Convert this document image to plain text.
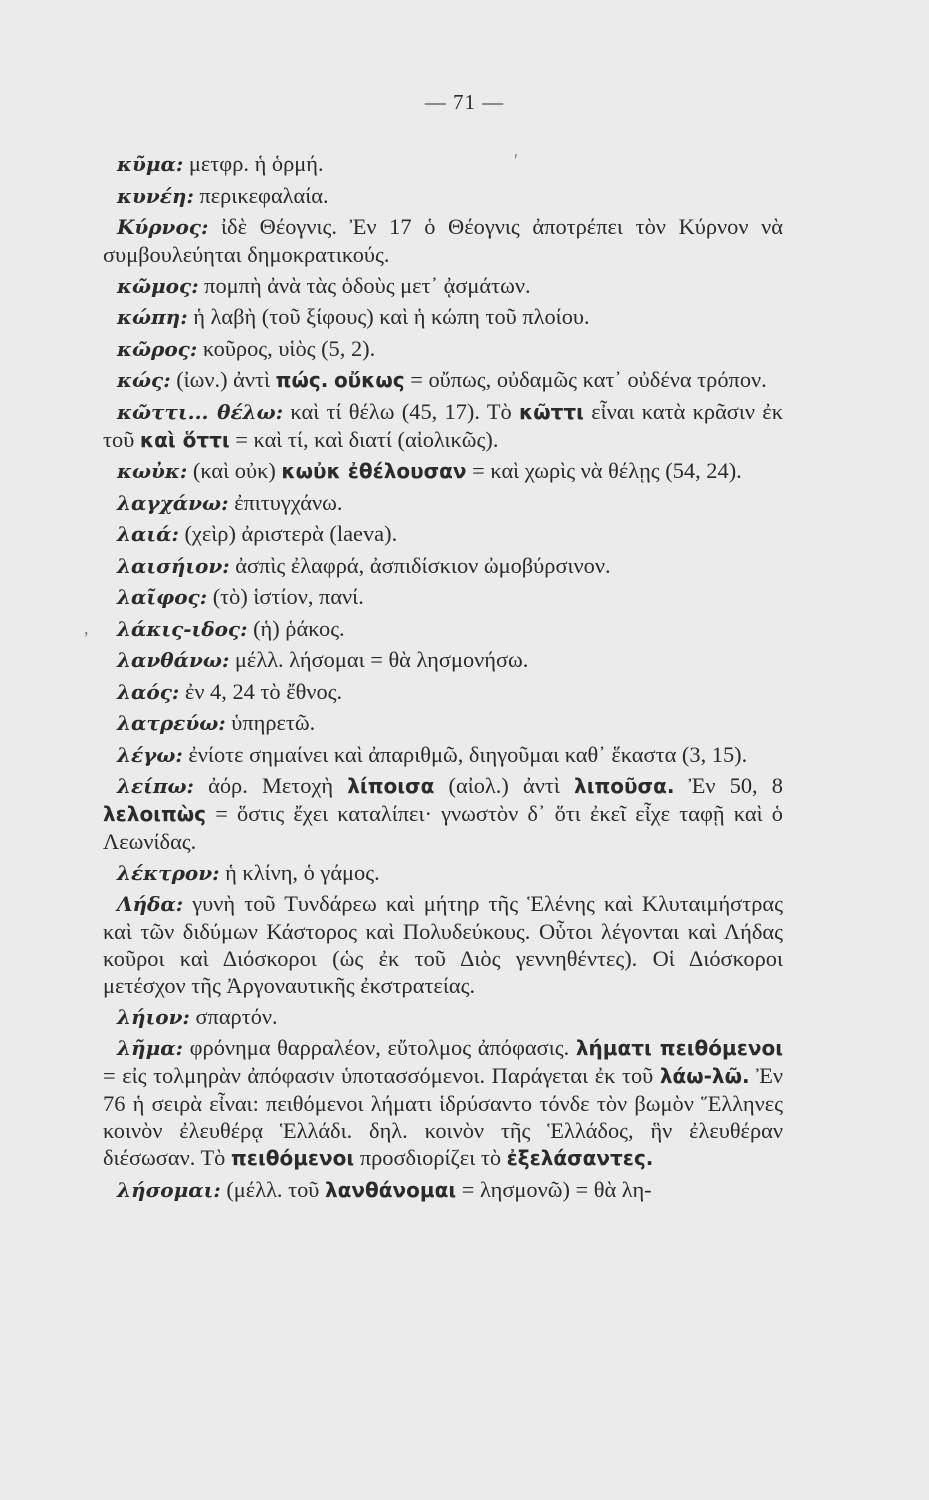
— 71 —
ʹ
,

κῦμα: μετφρ. ἡ ὁρμή.

κυνέη: περικεφαλαία.

Κύρνος: ἰδὲ Θέογνις. Ἐν 17 ὁ Θέογνις ἀποτρέπει τὸν Κύρνον νὰ συμβουλεύηται δημοκρατικούς.

κῶμος: πομπὴ ἀνὰ τὰς ὁδοὺς μετ᾽ ᾀσμάτων.

κώπη: ἡ λαβὴ (τοῦ ξίφους) καὶ ἡ κώπη τοῦ πλοίου.

κῶρος: κοῦρος, υἱὸς (5, 2).

κώς: (ἰων.) ἀντὶ πώς. οὔκως = οὔπως, οὐδαμῶς κατ᾽ οὐδένα τρόπον.

κῶττι... θέλω: καὶ τί θέλω (45, 17). Τὸ κῶττι εἶναι κατὰ κρᾶσιν ἐκ τοῦ καὶ ὅττι = καὶ τί, καὶ διατί (αἰολικῶς).

κωὐκ: (καὶ οὐκ) κωὐκ ἐθέλουσαν = καὶ χωρὶς νὰ θέλῃς (54, 24).

λαγχάνω: ἐπιτυγχάνω.

λαιά: (χεὶρ) ἀριστερὰ (laeva).

λαισήιον: ἀσπὶς ἐλαφρά, ἀσπιδίσκιον ὠμοβύρσινον.

λαῖφος: (τὸ) ἱστίον, πανί.

λάκις-ιδος: (ἡ) ῥάκος.

λανθάνω: μέλλ. λήσομαι = θὰ λησμονήσω.

λαός: ἐν 4, 24 τὸ ἔθνος.

λατρεύω: ὑπηρετῶ.

λέγω: ἐνίοτε σημαίνει καὶ ἀπαριθμῶ, διηγοῦμαι καθ᾽ ἕκαστα (3, 15).

λείπω: ἀόρ. Μετοχὴ λίποισα (αἰολ.) ἀντὶ λιποῦσα. Ἐν 50, 8 λελοιπὼς = ὅστις ἔχει καταλίπει· γνωστὸν δ᾽ ὅτι ἐκεῖ εἶχε ταφῇ καὶ ὁ Λεωνίδας.

λέκτρον: ἡ κλίνη, ὁ γάμος.

Λήδα: γυνὴ τοῦ Τυνδάρεω καὶ μήτηρ τῆς Ἑλένης καὶ Κλυταιμήστρας καὶ τῶν διδύμων Κάστορος καὶ Πολυδεύκους. Οὗτοι λέγονται καὶ Λήδας κοῦροι καὶ Διόσκοροι (ὡς ἐκ τοῦ Διὸς γεννηθέντες). Οἱ Διόσκοροι μετέσχον τῆς Ἀργοναυτικῆς ἐκστρατείας.

λήιον: σπαρτόν.

λῆμα: φρόνημα θαρραλέον, εὔτολμος ἀπόφασις. λήματι πειθόμενοι = εἰς τολμηρὰν ἀπόφασιν ὑποτασσόμενοι. Παράγεται ἐκ τοῦ λάω-λῶ. Ἐν 76 ἡ σειρὰ εἶναι: πειθόμενοι λήματι ἱδρύσαντο τόνδε τὸν βωμὸν Ἕλληνες κοινὸν ἐλευθέρᾳ Ἑλλάδι. δηλ. κοινὸν τῆς Ἑλλάδος, ἣν ἐλευθέραν διέσωσαν. Τὸ πειθόμενοι προσδιορίζει τὸ ἐξελάσαντες.

λήσομαι: (μέλλ. τοῦ λανθάνομαι = λησμονῶ) = θὰ λη-
